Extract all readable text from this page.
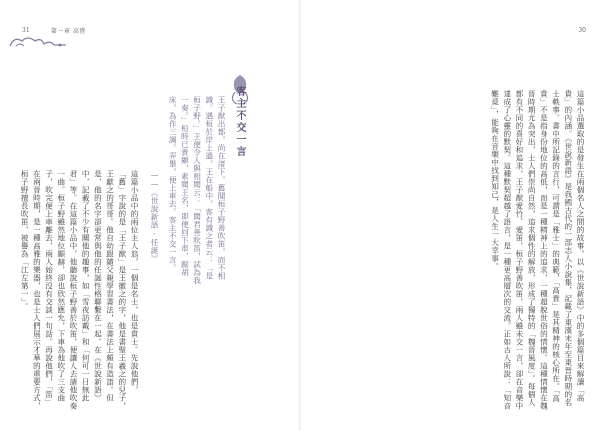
31	第一章 高貴
客主不交一言
王子猷出都，尚在渚下。舊聞桓子野善吹笛，而不相識。遇桓於岸上過，王在船中，客有識之者云：「是桓子野。」王便令人與相聞云：「聞君善吹笛，試為我一奏。」桓時已貴顯，素聞王名，即便回下車，踞胡床，為作三調。弄畢，便上車去。客主不交一言。
——《世說新語·任誕》
這篇小品中的兩位主人翁，一個是名士，也是貴士。先說他們，「舊」字說的是「王子猷」是王徽之的字，他是書聖王羲之的兒子，王獻之的哥哥。他自幼跟隨父親學習書法，在書法上頗有造詣。但是，他的名字卻更常與他的任誕性格聯繫在一起。在《世說新語》中，記載了不少有關他的趣事，如「雪夜訪戴」和「何可一日無此君」等。在這篇小品中，他聽說桓子野善於吹笛，便讓人去請他吹奏一曲。桓子野雖然地位顯赫，卻也欣然應允，下車為他吹了三支曲子，吹完便上車離去，兩人始終沒有交談一句話。再說他們，「笛」在兩晉時期，是一種高雅的樂器，也是士人們展示才華的重要方式，桓子野擅長吹笛，被譽為「江左第一」。
30
這篇小品選取的是發生在兩個名人之間的故事，以《世說新語》中的多個篇目來解讀「高貴」的內涵。《世說新語》是我國古代的一部志人小說集，記載了東漢末年至東晉時期的名士軼事。書中所記錄的言行，可謂是「雅士」的典範，「高貴」是其精神的核心所在。「高貴」不是指身份地位的高低，而是一種精神上的追求，一種超脫世俗的情懷。這種情懷在魏晉時期尤為突出，士人們崇尚自然，追求個性的解放，形成了獨特的「魏晉風度」。每個人都有不同的喜好和追求，王子猷愛竹、愛笛，桓子野善吹笛，兩人雖未交一言，卻在音樂中達成了心靈的默契。這種默契超越了語言，是一種更高層次的交流。正如古人所說：「知音難覓」，能夠在音樂中找到知己，是人生一大幸事。
